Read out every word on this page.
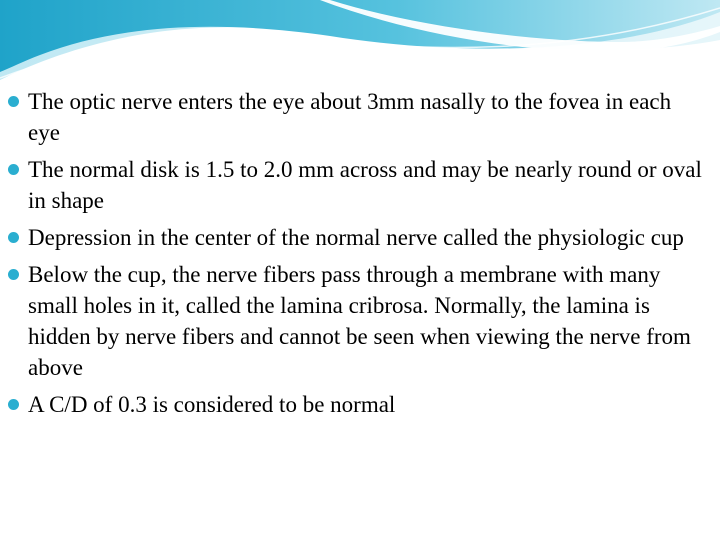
The optic nerve enters the eye about 3mm nasally to the fovea in each eye
The normal disk is 1.5 to 2.0 mm across and may be nearly round or oval in shape
Depression in the center of the normal nerve called the physiologic cup
Below the cup, the nerve fibers pass through a membrane with many small holes in it, called the lamina cribrosa. Normally, the lamina is hidden by nerve fibers and cannot be seen when viewing the nerve from above
A C/D of 0.3 is considered to be normal
